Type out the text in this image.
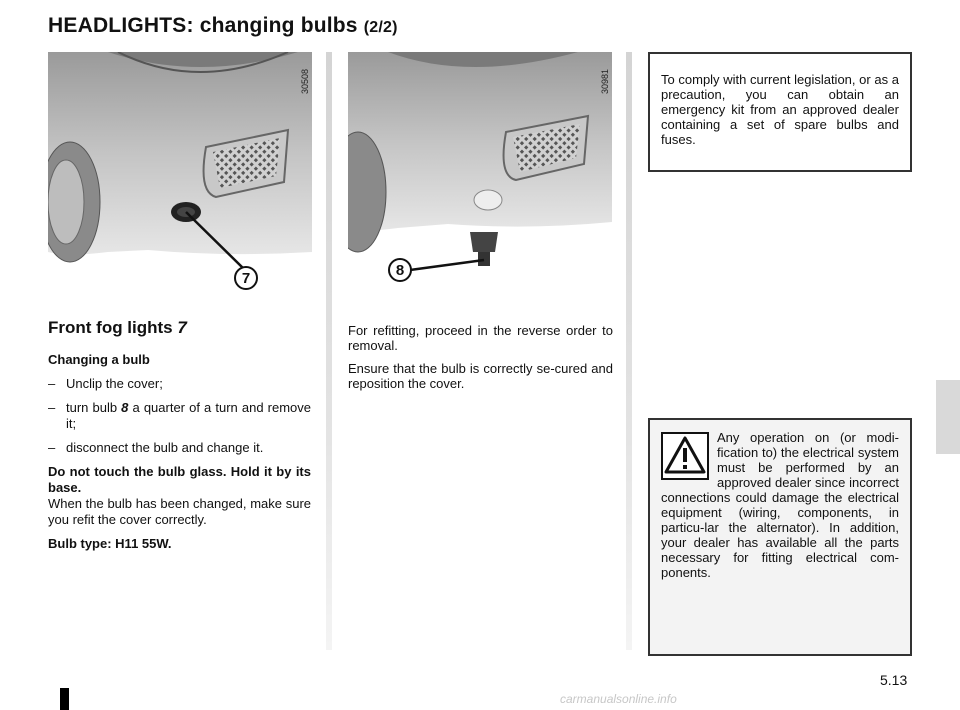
HEADLIGHTS: changing bulbs (2/2)
30508
7
30981
8
Front fog lights 7
Changing a bulb
– Unclip the cover;
– turn bulb 8 a quarter of a turn and remove it;
– disconnect the bulb and change it.

Do not touch the bulb glass. Hold it by its base.
When the bulb has been changed, make sure you refit the cover correctly.

Bulb type: H11 55W.

For refitting, proceed in the reverse order to removal.

Ensure that the bulb is correctly se-cured and reposition the cover.

To comply with current legislation, or as a precaution, you can obtain an emergency kit from an approved dealer containing a set of spare bulbs and fuses.
Any operation on (or modi-fication to) the electrical system must be performed by an approved dealer since incorrect connections could damage the electrical equipment (wiring, components, in particu-lar the alternator). In addition, your dealer has available all the parts necessary for fitting electrical com-ponents.
5.13
carmanualsonline.info
